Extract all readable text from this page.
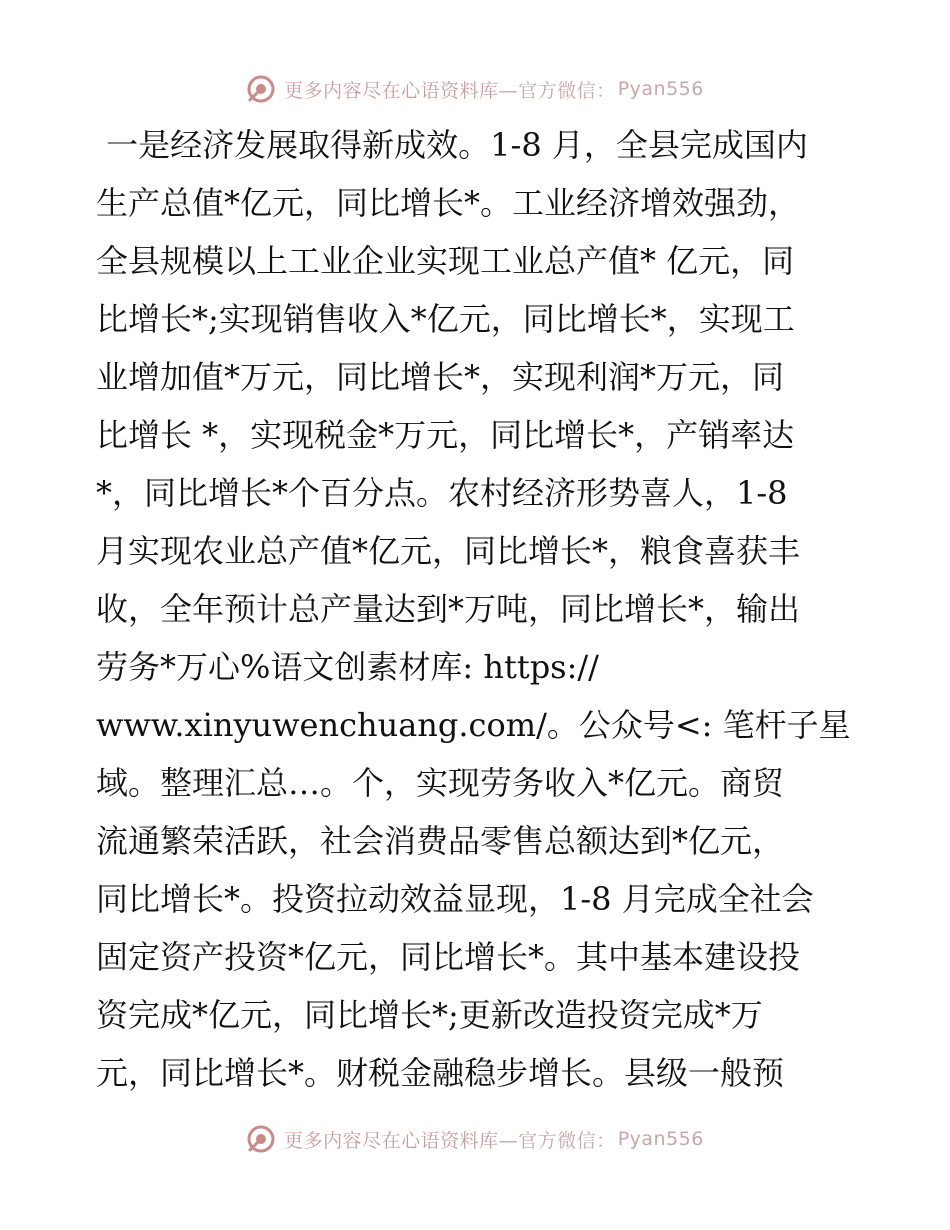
更多内容尽在心语资料库 —官方微信： Pyan556
一是经济发展取得新成效。1-8 月，全县完成国内
生产总值*亿元，同比增长*。工业经济增效强劲，
全县规模以上工业企业实现工业总产值* 亿元，同
比增长*;实现销售收入*亿元，同比增长*，实现工
业增加值*万元，同比增长*，实现利润*万元，同
比增长 *，实现税金*万元，同比增长*，产销率达
*，同比增长*个百分点。农村经济形势喜人，1-8
月实现农业总产值*亿元，同比增长*，粮食喜获丰
收，全年预计总产量达到*万吨，同比增长*，输出
劳务*万心%语文创素材库: https://
www.xinyuwenchuang.com/。公众号<: 笔杆子星
域。整理汇总…。个，实现劳务收入*亿元。商贸
流通繁荣活跃，社会消费品零售总额达到*亿元，
同比增长*。投资拉动效益显现，1-8 月完成全社会
固定资产投资*亿元，同比增长*。其中基本建设投
资完成*亿元，同比增长*;更新改造投资完成*万
元，同比增长*。财税金融稳步增长。县级一般预
更多内容尽在心语资料库 —官方微信： Pyan556
